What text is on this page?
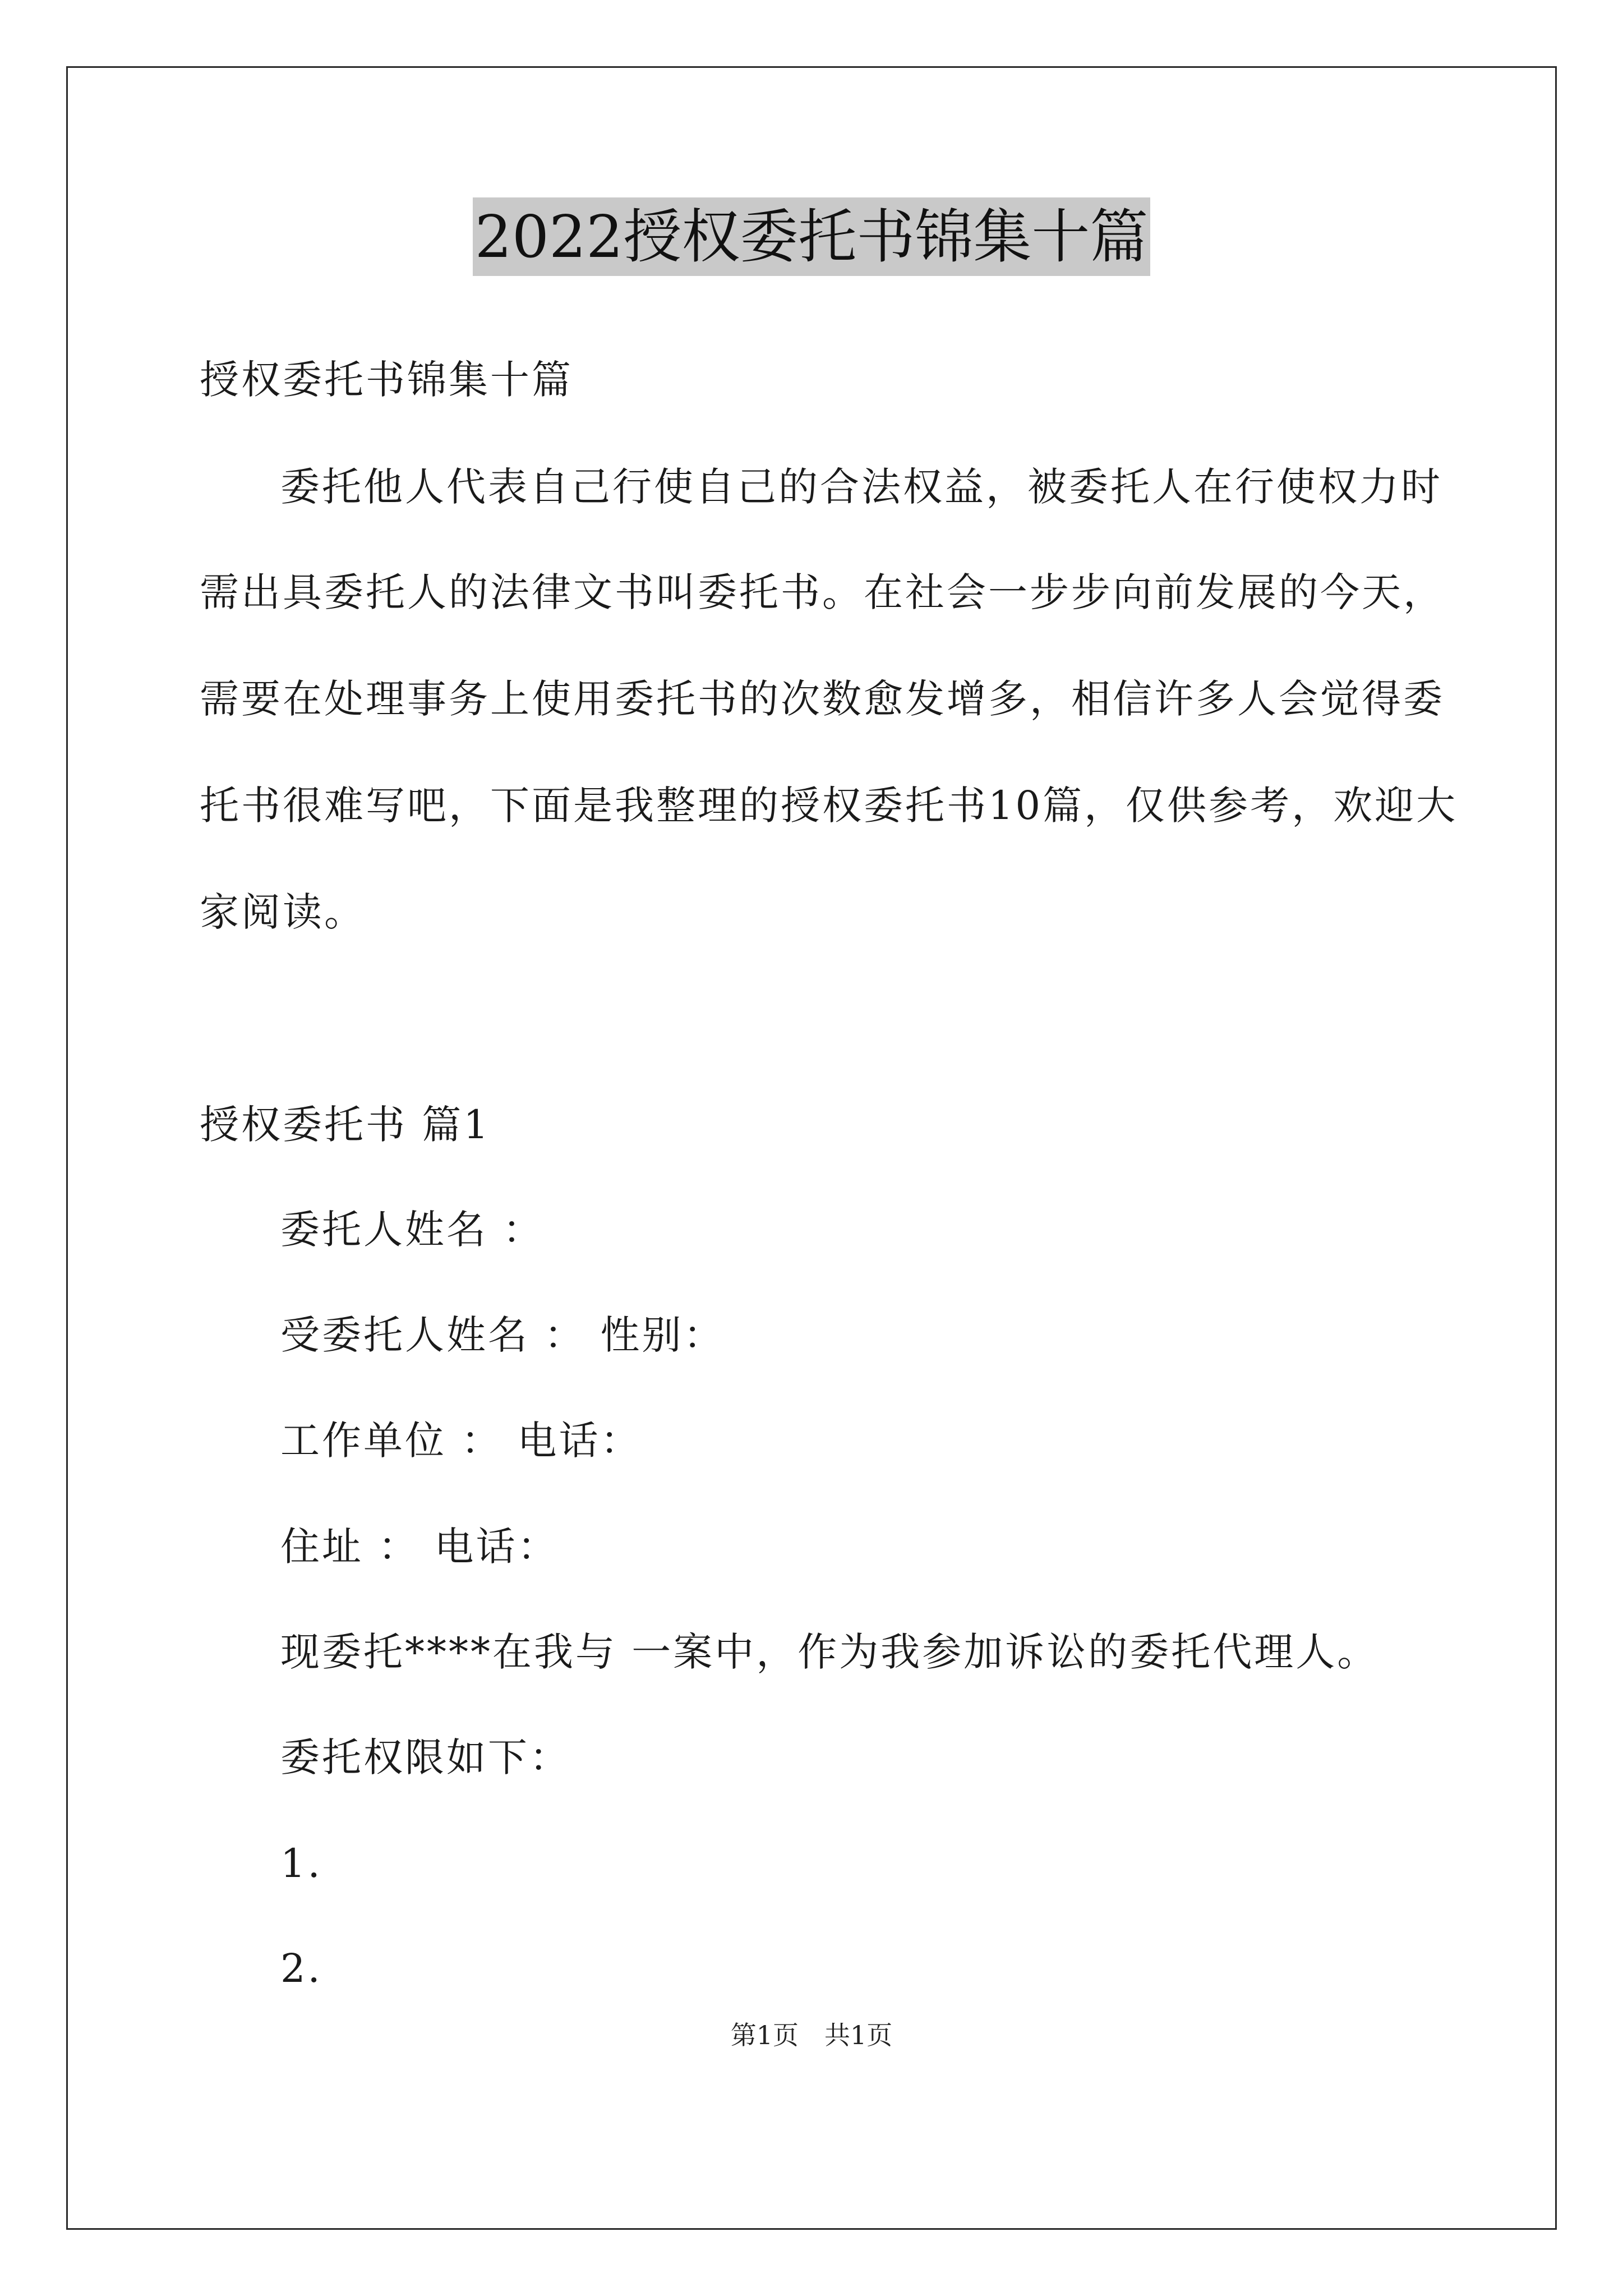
2022授权委托书锦集十篇
授权委托书锦集十篇
委托他人代表自己行使自己的合法权益，被委托人在行使权力时
需出具委托人的法律文书叫委托书。在社会一步步向前发展的今天，
需要在处理事务上使用委托书的次数愈发增多，相信许多人会觉得委
托书很难写吧，下面是我整理的授权委托书10篇，仅供参考，欢迎大
家阅读。
授权委托书 篇1
委托人姓名 ：
受委托人姓名 ： 性别：
工作单位 ： 电话：
住址 ： 电话：
现委托****在我与 一案中，作为我参加诉讼的委托代理人。
委托权限如下：
1.
2.
第1页　共1页
